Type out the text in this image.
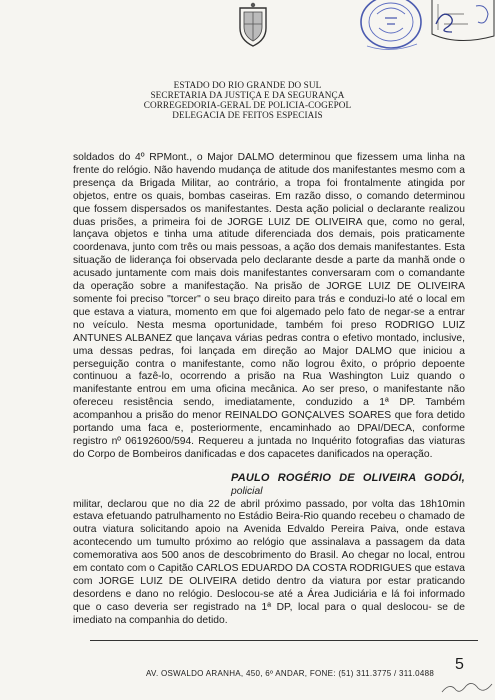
ESTADO DO RIO GRANDE DO SUL
SECRETARIA DA JUSTIÇA E DA SEGURANÇA
CORREGEDORIA-GERAL DE POLICIA-COGEPOL
DELEGACIA DE FEITOS ESPECIAIS
soldados do 4º RPMont., o Major DALMO determinou que fizessem uma linha na frente do relógio. Não havendo mudança de atitude dos manifestantes mesmo com a presença da Brigada Militar, ao contrário, a tropa foi frontalmente atingida por objetos, entre os quais, bombas caseiras. Em razão disso, o comando determinou que fossem dispersados os manifestantes. Desta ação policial o declarante realizou duas prisões, a primeira foi de JORGE LUIZ DE OLIVEIRA que, como no geral, lançava objetos e tinha uma atitude diferenciada dos demais, pois praticamente coordenava, junto com três ou mais pessoas, a ação dos demais manifestantes. Esta situação de liderança foi observada pelo declarante desde a parte da manhã onde o acusado juntamente com mais dois manifestantes conversaram com o comandante da operação sobre a manifestação. Na prisão de JORGE LUIZ DE OLIVEIRA somente foi preciso "torcer" o seu braço direito para trás e conduzi-lo até o local em que estava a viatura, momento em que foi algemado pelo fato de negar-se a entrar no veículo. Nesta mesma oportunidade, também foi preso RODRIGO LUIZ ANTUNES ALBANEZ que lançava várias pedras contra o efetivo montado, inclusive, uma dessas pedras, foi lançada em direção ao Major DALMO que iniciou a perseguição contra o manifestante, como não logrou êxito, o próprio depoente continuou a fazê-lo, ocorrendo a prisão na Rua Washington Luiz quando o manifestante entrou em uma oficina mecânica. Ao ser preso, o manifestante não ofereceu resistência sendo, imediatamente, conduzido a 1ª DP. Também acompanhou a prisão do menor REINALDO GONÇALVES SOARES que fora detido portando uma faca e, posteriormente, encaminhado ao DPAI/DECA, conforme registro nº 06192600/594. Requereu a juntada no Inquérito fotografias das viaturas do Corpo de Bombeiros danificadas e dos capacetes danificados na operação.
PAULO ROGÉRIO DE OLIVEIRA GODÓI, policial
militar, declarou que no dia 22 de abril próximo passado, por volta das 18h10min estava efetuando patrulhamento no Estádio Beira-Rio quando recebeu o chamado de outra viatura solicitando apoio na Avenida Edvaldo Pereira Paiva, onde estava acontecendo um tumulto próximo ao relógio que assinalava a passagem da data comemorativa aos 500 anos de descobrimento do Brasil. Ao chegar no local, entrou em contato com o Capitão CARLOS EDUARDO DA COSTA RODRIGUES que estava com JORGE LUIZ DE OLIVEIRA detido dentro da viatura por estar praticando desordens e dano no relógio. Deslocou-se até a Área Judiciária e lá foi informado que o caso deveria ser registrado na 1ª DP, local para o qual deslocou- se de imediato na companhia do detido.
5
AV. OSWALDO ARANHA, 450, 6º ANDAR, FONE: (51) 311.3775 / 311.0488
